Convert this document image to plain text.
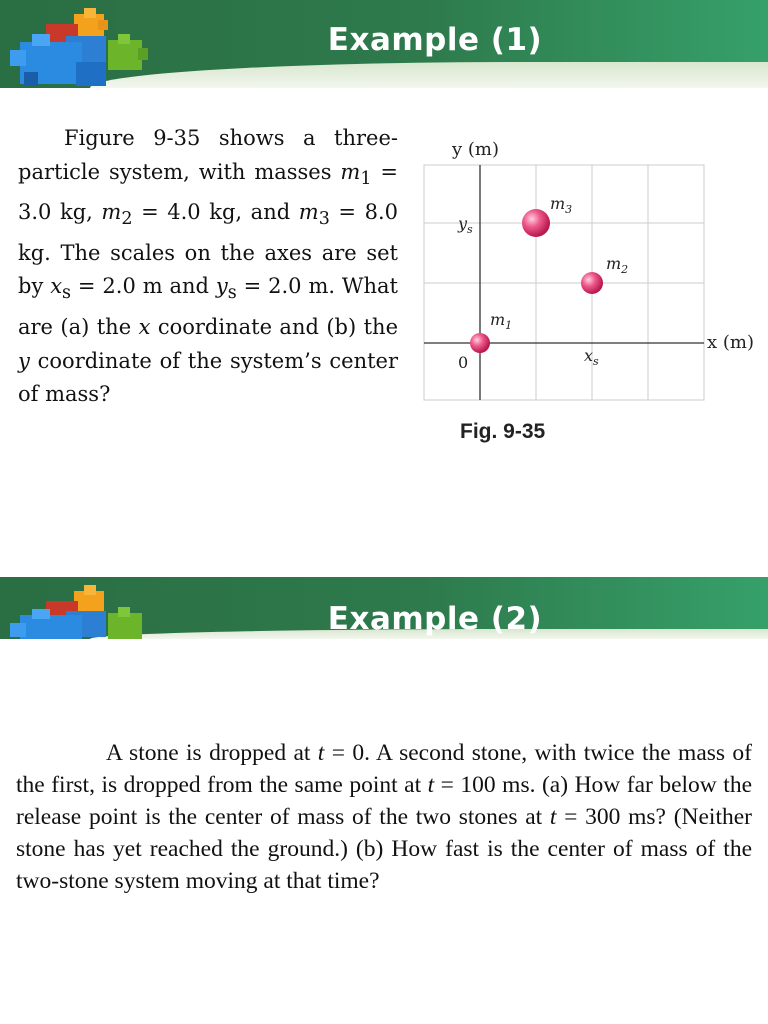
Example (1)
Figure 9-35 shows a three-particle system, with masses $m_1 = 3.0$ kg, $m_2 = 4.0$ kg, and $m_3 = 8.0$ kg. The scales on the axes are set by $x_s = 2.0$ m and $y_s = 2.0$ m. What are (a) the x coordinate and (b) the y coordinate of the system’s center of mass?
y (m)
x (m)
0
$y_s$
$x_s$
$m_1$
$m_3$
$m_2$
Fig. 9-35
Example (2)
A stone is dropped at t = 0. A second stone, with twice the mass of the first, is dropped from the same point at t = 100 ms. (a) How far below the release point is the center of mass of the two stones at t = 300 ms? (Neither stone has yet reached the ground.) (b) How fast is the center of mass of the two-stone system moving at that time?
